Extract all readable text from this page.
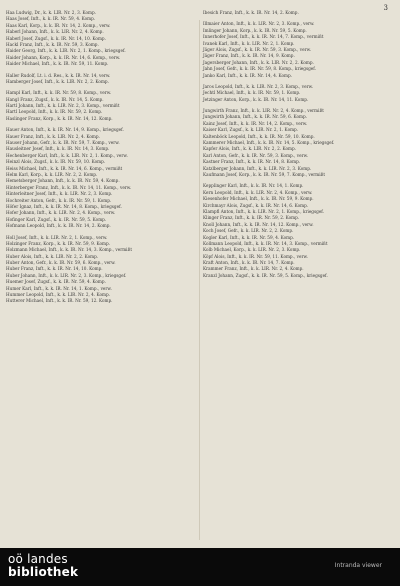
3
Haa Ludwig, Dr., k. k. LIR. Nr. 2, 3. Komp.
Haas Josef, Inft., k. k. IR. Nr. 59, 4. Komp.
Haas Karl, Korp., k. k. IR. Nr. 14, 2. Komp., verw.
Haberl Johann, Inft., k. k. LIR. Nr. 2, 4. Komp.
Haberl Josef, Zugsf., k. k. IR. Nr. 14, 10. Komp.
Hackl Franz, Inft., k. k. IR. Nr. 59, 3. Komp.
Haider Georg, Inft., k. k. LIR. Nr. 2, 1. Komp., kriegsgef.
Haider Johann, Korp., k. k. IR. Nr. 14, 6. Komp., verw.
Haider Michael, Inft., k. k. IR. Nr. 59, 11. Komp.
Haller Rudolf, Lt. i. d. Res., k. k. IR. Nr. 14, verw.
Hamberger Josef, Inft., k. k. LIR. Nr. 2, 2. Komp.
Hampl Karl, Inft., k. k. IR. Nr. 59, 8. Komp., verw.
Hangl Franz, Zugsf., k. k. IR. Nr. 14, 5. Komp.
Hartl Johann, Inft., k. k. LIR. Nr. 2, 3. Komp., vermißt
Hartl Leopold, Inft., k. k. IR. Nr. 59, 2. Komp.
Haslinger Franz, Korp., k. k. IR. Nr. 14, 12. Komp.
Hauer Anton, Inft., k. k. IR. Nr. 14, 9. Komp., kriegsgef.
Hauer Franz, Inft., k. k. LIR. Nr. 2, 4. Komp.
Hauser Johann, Gefr., k. k. IR. Nr. 59, 7. Komp., verw.
Hausleitner Josef, Inft., k. k. IR. Nr. 14, 3. Komp.
Hechenberger Karl, Inft., k. k. LIR. Nr. 2, 1. Komp., verw.
Heinzl Alois, Zugsf., k. k. IR. Nr. 59, 10. Komp.
Heiss Michael, Inft., k. k. IR. Nr. 14, 6. Komp., vermißt
Helm Karl, Korp., k. k. LIR. Nr. 2, 2. Komp.
Hemetsberger Johann, Inft., k. k. IR. Nr. 59, 4. Komp.
Hinterberger Franz, Inft., k. k. IR. Nr. 14, 11. Komp., verw.
Hinterleitner Josef, Inft., k. k. LIR. Nr. 2, 3. Komp.
Hochreiter Anton, Gefr., k. k. IR. Nr. 59, 1. Komp.
Höfer Ignaz, Inft., k. k. IR. Nr. 14, 8. Komp., kriegsgef.
Hofer Johann, Inft., k. k. LIR. Nr. 2, 4. Komp., verw.
Hofinger Karl, Zugsf., k. k. IR. Nr. 59, 5. Komp.
Hofmann Leopold, Inft., k. k. IR. Nr. 14, 2. Komp.
Holl Josef, Inft., k. k. LIR. Nr. 2, 1. Komp., verw.
Holzinger Franz, Korp., k. k. IR. Nr. 59, 9. Komp.
Holzmann Michael, Inft., k. k. IR. Nr. 14, 3. Komp., vermißt
Huber Alois, Inft., k. k. LIR. Nr. 2, 2. Komp.
Huber Anton, Gefr., k. k. IR. Nr. 59, 6. Komp., verw.
Huber Franz, Inft., k. k. IR. Nr. 14, 10. Komp.
Huber Johann, Inft., k. k. LIR. Nr. 2, 3. Komp., kriegsgef.
Huemer Josef, Zugsf., k. k. IR. Nr. 59, 4. Komp.
Humer Karl, Inft., k. k. IR. Nr. 14, 1. Komp., verw.
Hummer Leopold, Inft., k. k. LIR. Nr. 2, 4. Komp.
Hutterer Michael, Inft., k. k. IR. Nr. 59, 12. Komp.
Ibesich Franz, Inft., k. k. IR. Nr. 14, 2. Komp.
Illmaier Anton, Inft., k. k. LIR. Nr. 2, 3. Komp., verw.
Imlinger Johann, Korp., k. k. IR. Nr. 59, 5. Komp.
Innerhofer Josef, Inft., k. k. IR. Nr. 14, 7. Komp., vermißt
Ivanek Karl, Inft., k. k. LIR. Nr. 2, 1. Komp.
Jäger Alois, Zugsf., k. k. IR. Nr. 59, 3. Komp., verw.
Jäger Franz, Inft., k. k. IR. Nr. 14, 9. Komp.
Jagersberger Johann, Inft., k. k. LIR. Nr. 2, 2. Komp.
Jahn Josef, Gefr., k. k. IR. Nr. 59, 8. Komp., kriegsgef.
Janko Karl, Inft., k. k. IR. Nr. 14, 4. Komp.
Jaros Leopold, Inft., k. k. LIR. Nr. 2, 3. Komp., verw.
Jechtl Michael, Inft., k. k. IR. Nr. 59, 1. Komp.
Jetzinger Anton, Korp., k. k. IR. Nr. 14, 11. Komp.
Jungwirth Franz, Inft., k. k. LIR. Nr. 2, 4. Komp., vermißt
Jungwirth Johann, Inft., k. k. IR. Nr. 59, 6. Komp.
Kainz Josef, Inft., k. k. IR. Nr. 14, 2. Komp., verw.
Kaiser Karl, Zugsf., k. k. LIR. Nr. 2, 1. Komp.
Kaltenböck Leopold, Inft., k. k. IR. Nr. 59, 10. Komp.
Kammerer Michael, Inft., k. k. IR. Nr. 14, 5. Komp., kriegsgef.
Kapfer Alois, Inft., k. k. LIR. Nr. 2, 2. Komp.
Karl Anton, Gefr., k. k. IR. Nr. 59, 3. Komp., verw.
Kastner Franz, Inft., k. k. IR. Nr. 14, 8. Komp.
Katzlberger Johann, Inft., k. k. LIR. Nr. 2, 3. Komp.
Kaufmann Josef, Korp., k. k. IR. Nr. 59, 7. Komp., vermißt
Kepplinger Karl, Inft., k. k. IR. Nr. 14, 1. Komp.
Kern Leopold, Inft., k. k. LIR. Nr. 2, 4. Komp., verw.
Kiesenhofer Michael, Inft., k. k. IR. Nr. 59, 9. Komp.
Kirchmayr Alois, Zugsf., k. k. IR. Nr. 14, 6. Komp.
Klampfl Anton, Inft., k. k. LIR. Nr. 2, 1. Komp., kriegsgef.
Klinger Franz, Inft., k. k. IR. Nr. 59, 2. Komp.
Knoll Johann, Inft., k. k. IR. Nr. 14, 12. Komp., verw.
Koch Josef, Gefr., k. k. LIR. Nr. 2, 2. Komp.
Kogler Karl, Inft., k. k. IR. Nr. 59, 4. Komp.
Kollmann Leopold, Inft., k. k. IR. Nr. 14, 3. Komp., vermißt
Kolb Michael, Korp., k. k. LIR. Nr. 2, 3. Komp.
Köpf Alois, Inft., k. k. IR. Nr. 59, 11. Komp., verw.
Kraft Anton, Inft., k. k. IR. Nr. 14, 7. Komp.
Krammer Franz, Inft., k. k. LIR. Nr. 2, 4. Komp.
Kranzl Johann, Zugsf., k. k. IR. Nr. 59, 5. Komp., kriegsgef.
oö landes
bibliothek	Intranda viewer
